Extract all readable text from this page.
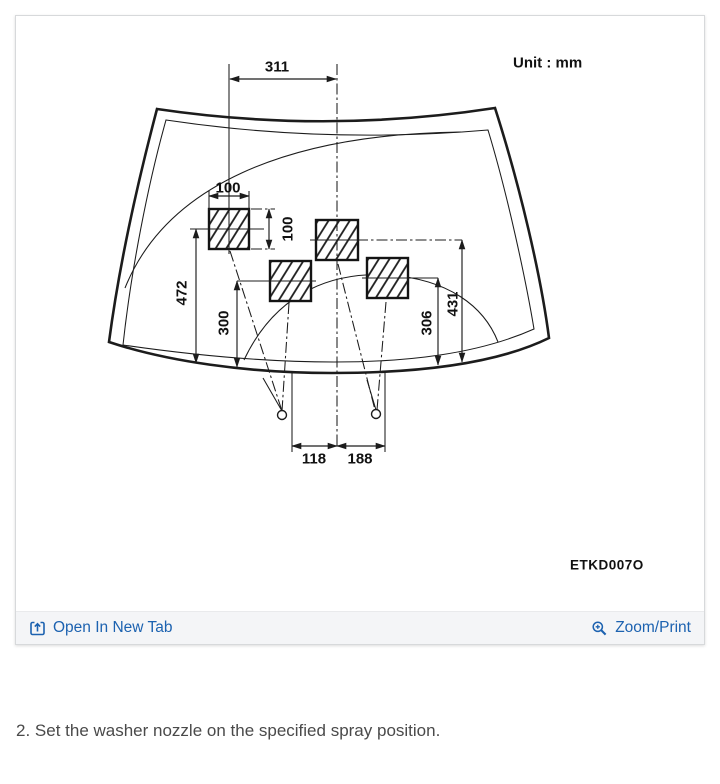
311
100
100
472
300	306
431
118 188
Unit : mm
ETKD007O
Open In New Tab	Zoom/Print

2. Set the washer nozzle on the specified spray position.
